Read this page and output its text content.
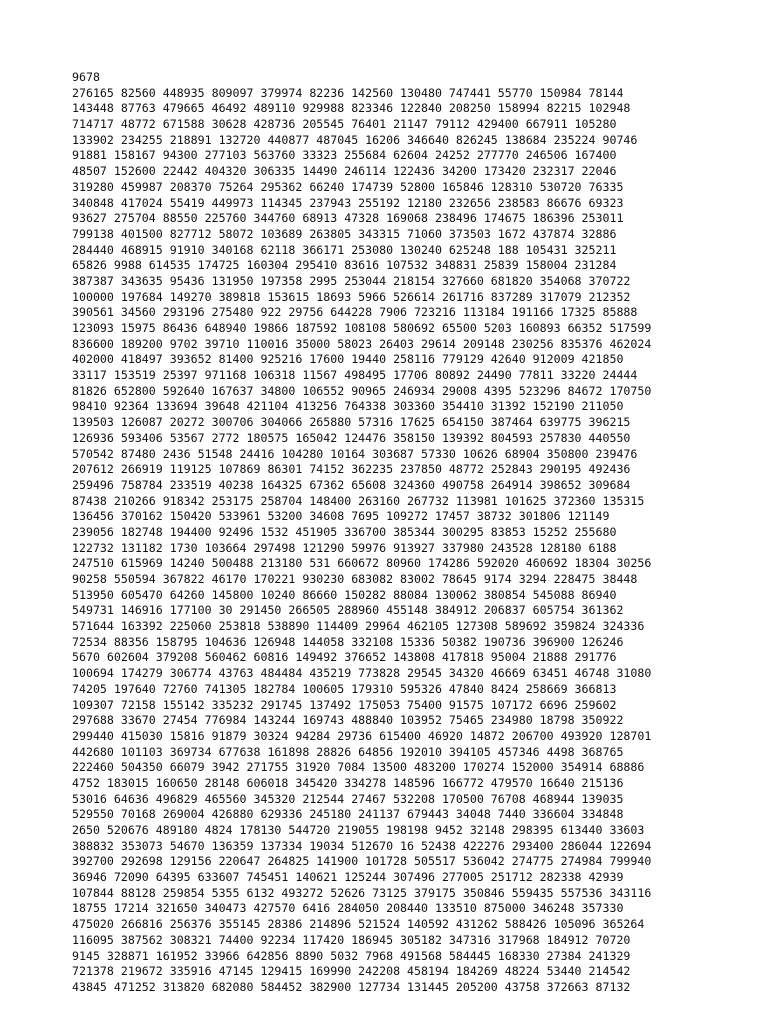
9678
276165 82560 448935 809097 379974 82236 142560 130480 747441 55770 150984 78144
143448 87763 479665 46492 489110 929988 823346 122840 208250 158994 82215 102948
714717 48772 671588 30628 428736 205545 76401 21147 79112 429400 667911 105280
133902 234255 218891 132720 440877 487045 16206 346640 826245 138684 235224 90746
91881 158167 94300 277103 563760 33323 255684 62604 24252 277770 246506 167400
48507 152600 22442 404320 306335 14490 246114 122436 34200 173420 232317 22046
319280 459987 208370 75264 295362 66240 174739 52800 165846 128310 530720 76335
340848 417024 55419 449973 114345 237943 255192 12180 232656 238583 86676 69323
93627 275704 88550 225760 344760 68913 47328 169068 238496 174675 186396 253011
799138 401500 827712 58072 103689 263805 343315 71060 373503 1672 437874 32886
284440 468915 91910 340168 62118 366171 253080 130240 625248 188 105431 325211
65826 9988 614535 174725 160304 295410 83616 107532 348831 25839 158004 231284
387387 343635 95436 131950 197358 2995 253044 218154 327660 681820 354068 370722
100000 197684 149270 389818 153615 18693 5966 526614 261716 837289 317079 212352
390561 34560 293196 275480 922 29756 644228 7906 723216 113184 191166 17325 85888
123093 15975 86436 648940 19866 187592 108108 580692 65500 5203 160893 66352 517599
836600 189200 9702 39710 110016 35000 58023 26403 29614 209148 230256 835376 462024
402000 418497 393652 81400 925216 17600 19440 258116 779129 42640 912009 421850
33117 153519 25397 971168 106318 11567 498495 17706 80892 24490 77811 33220 24444
81826 652800 592640 167637 34800 106552 90965 246934 29008 4395 523296 84672 170750
98410 92364 133694 39648 421104 413256 764338 303360 354410 31392 152190 211050
139503 126087 20272 300706 304066 265880 57316 17625 654150 387464 639775 396215
126936 593406 53567 2772 180575 165042 124476 358150 139392 804593 257830 440550
570542 87480 2436 51548 24416 104280 10164 303687 57330 10626 68904 350800 239476
207612 266919 119125 107869 86301 74152 362235 237850 48772 252843 290195 492436
259496 758784 233519 40238 164325 67362 65608 324360 490758 264914 398652 309684
87438 210266 918342 253175 258704 148400 263160 267732 113981 101625 372360 135315
136456 370162 150420 533961 53200 34608 7695 109272 17457 38732 301806 121149
239056 182748 194400 92496 1532 451905 336700 385344 300295 83853 15252 255680
122732 131182 1730 103664 297498 121290 59976 913927 337980 243528 128180 6188
247510 615969 14240 500488 213180 531 660672 80960 174286 592020 460692 18304 30256
90258 550594 367822 46170 170221 930230 683082 83002 78645 9174 3294 228475 38448
513950 605470 64260 145800 10240 86660 150282 88084 130062 380854 545088 86940
549731 146916 177100 30 291450 266505 288960 455148 384912 206837 605754 361362
571644 163392 225060 253818 538890 114409 29964 462105 127308 589692 359824 324336
72534 88356 158795 104636 126948 144058 332108 15336 50382 190736 396900 126246
5670 602604 379208 560462 60816 149492 376652 143808 417818 95004 21888 291776
100694 174279 306774 43763 484484 435219 773828 29545 34320 46669 63451 46748 31080
74205 197640 72760 741305 182784 100605 179310 595326 47840 8424 258669 366813
109307 72158 155142 335232 291745 137492 175053 75400 91575 107172 6696 259602
297688 33670 27454 776984 143244 169743 488840 103952 75465 234980 18798 350922
299440 415030 15816 91879 30324 94284 29736 615400 46920 14872 206700 493920 128701
442680 101103 369734 677638 161898 28826 64856 192010 394105 457346 4498 368765
222460 504350 66079 3942 271755 31920 7084 13500 483200 170274 152000 354914 68886
4752 183015 160650 28148 606018 345420 334278 148596 166772 479570 16640 215136
53016 64636 496829 465560 345320 212544 27467 532208 170500 76708 468944 139035
529550 70168 269004 426880 629336 245180 241137 679443 34048 7440 336604 334848
2650 520676 489180 4824 178130 544720 219055 198198 9452 32148 298395 613440 33603
388832 353073 54670 136359 137334 19034 512670 16 52438 422276 293400 286044 122694
392700 292698 129156 220647 264825 141900 101728 505517 536042 274775 274984 799940
36946 72090 64395 633607 745451 140621 125244 307496 277005 251712 282338 42939
107844 88128 259854 5355 6132 493272 52626 73125 379175 350846 559435 557536 343116
18755 17214 321650 340473 427570 6416 284050 208440 133510 875000 346248 357330
475020 266816 256376 355145 28386 214896 521524 140592 431262 588426 105096 365264
116095 387562 308321 74400 92234 117420 186945 305182 347316 317968 184912 70720
9145 328871 161952 33966 642856 8890 5032 7968 491568 584445 168330 27384 241329
721378 219672 335916 47145 129415 169990 242208 458194 184269 48224 53440 214542
43845 471252 313820 682080 584452 382900 127734 131445 205200 43758 372663 87132
